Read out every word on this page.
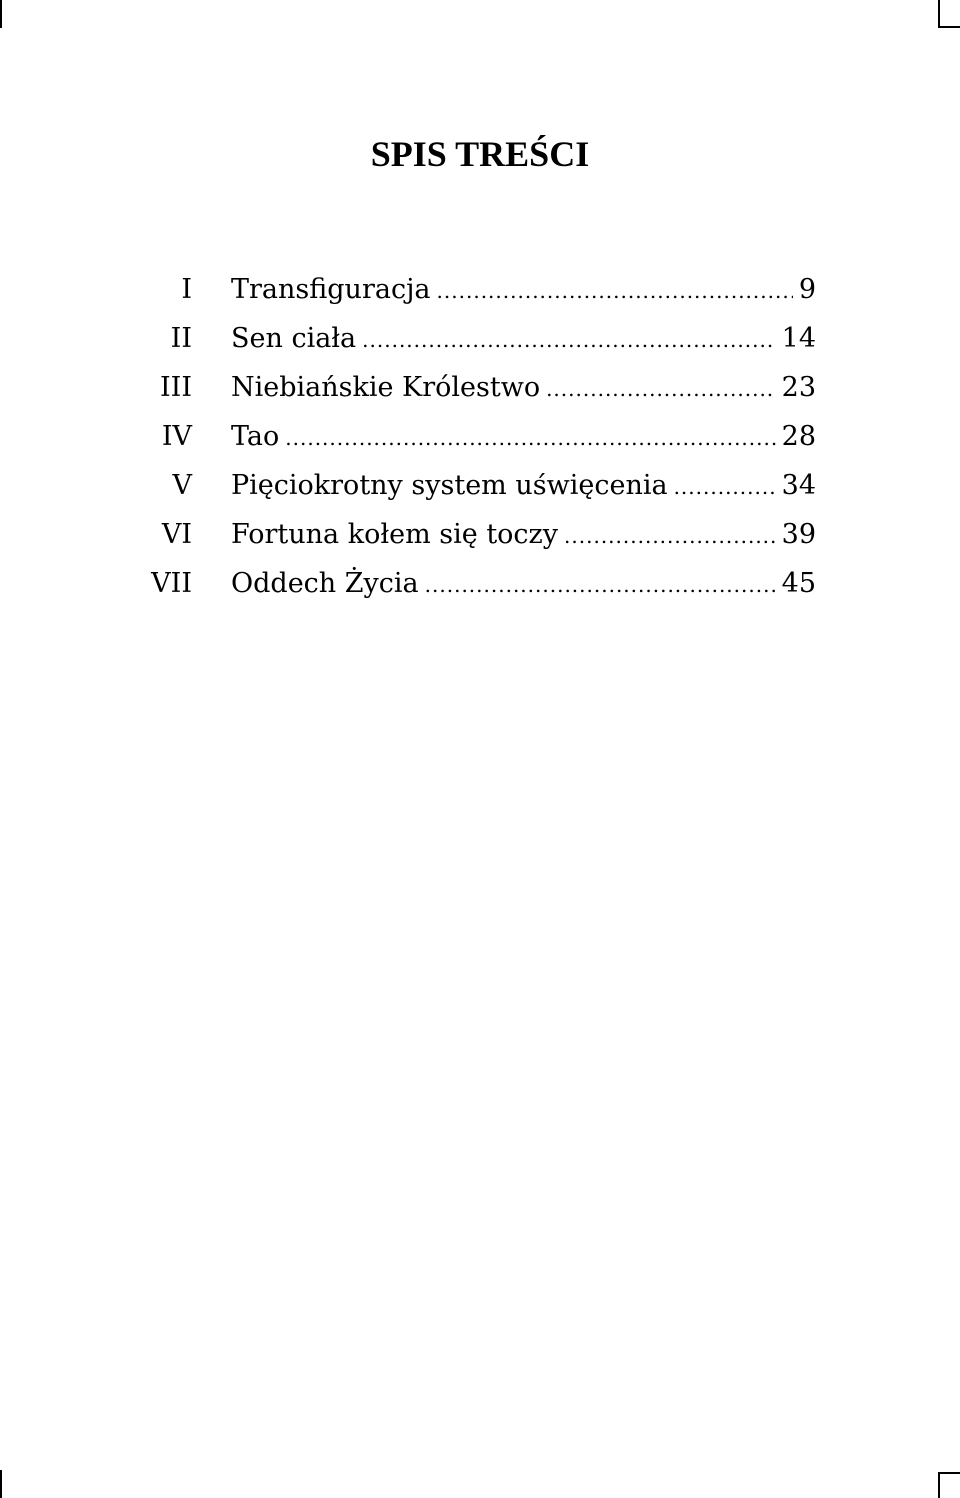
SPIS TREŚCI
I Transfiguracja .....	9
II Sen ciała .....	14
III Niebiańskie Królestwo .....	23
IV Tao .....	28
V Pięciokrotny system uświęcenia .....	34
VI Fortuna kołem się toczy .....	39
VII Oddech Życia .....	45
